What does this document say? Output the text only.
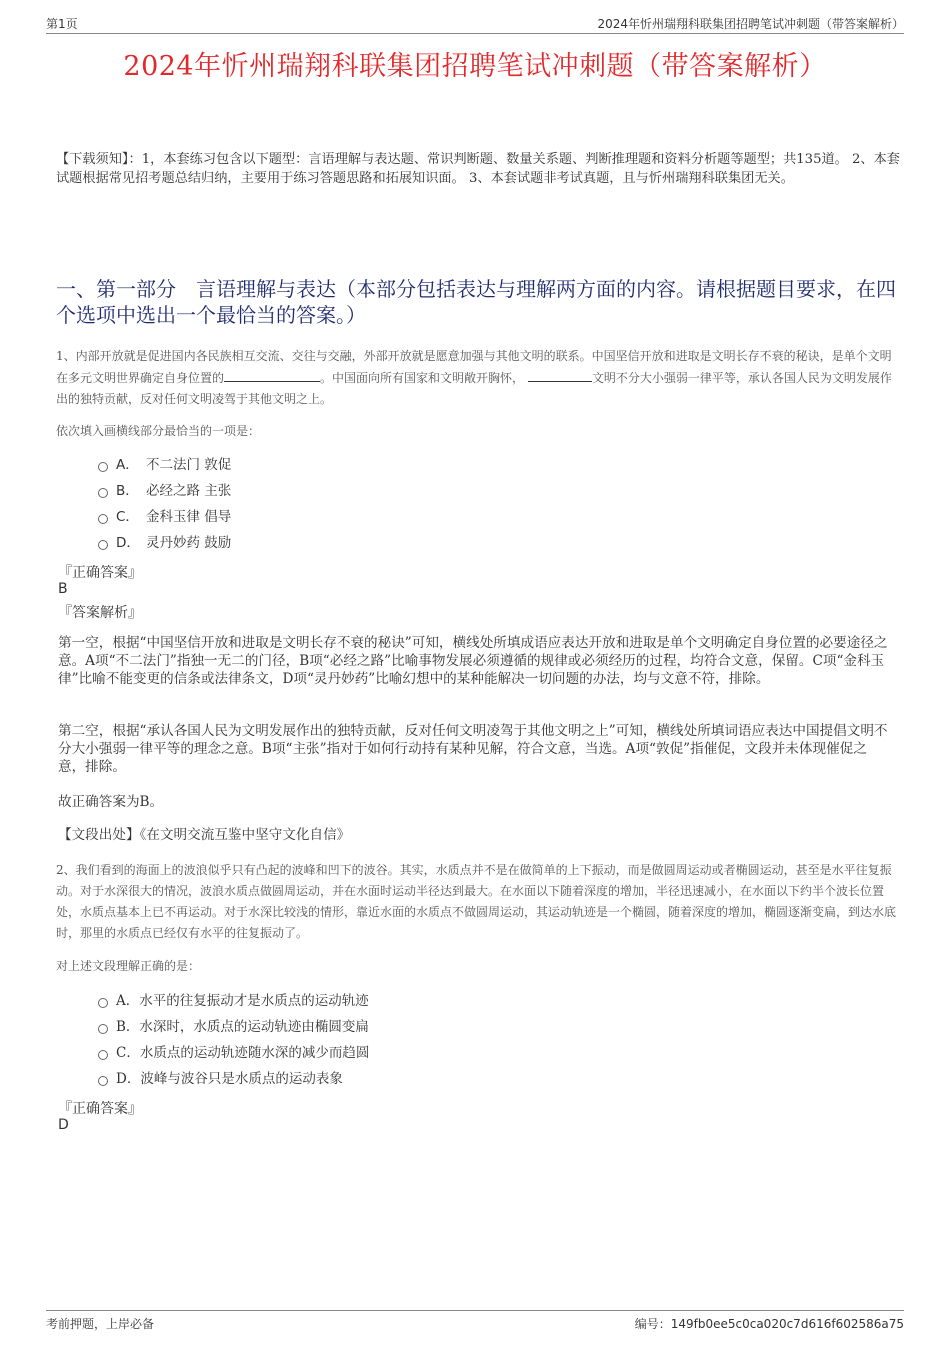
第1页	2024年忻州瑞翔科联集团招聘笔试冲刺题（带答案解析）
2024年忻州瑞翔科联集团招聘笔试冲刺题（带答案解析）
【下载须知】：1，本套练习包含以下题型：言语理解与表达题、常识判断题、数量关系题、判断推理题和资料分析题等题型；共135道。 2、本套试题根据常见招考题总结归纳，主要用于练习答题思路和拓展知识面。 3、本套试题非考试真题，且与忻州瑞翔科联集团无关。
一、第一部分　言语理解与表达（本部分包括表达与理解两方面的内容。请根据题目要求，在四个选项中选出一个最恰当的答案。）
1、内部开放就是促进国内各民族相互交流、交往与交融，外部开放就是愿意加强与其他文明的联系。中国坚信开放和进取是文明长存不衰的秘诀，是单个文明在多元文明世界确定自身位置的	。中国面向所有国家和文明敞开胸怀，	文明不分大小强弱一律平等，承认各国人民为文明发展作出的独特贡献，反对任何文明凌驾于其他文明之上。
依次填入画横线部分最恰当的一项是：
A． 不二法门 敦促
B． 必经之路 主张
C． 金科玉律 倡导
D． 灵丹妙药 鼓励
『正确答案』
B
『答案解析』
第一空，根据“中国坚信开放和进取是文明长存不衰的秘诀”可知，横线处所填成语应表达开放和进取是单个文明确定自身位置的必要途径之意。A项“不二法门”指独一无二的门径，B项“必经之路”比喻事物发展必须遵循的规律或必须经历的过程，均符合文意，保留。C项“金科玉律”比喻不能变更的信条或法律条文，D项“灵丹妙药”比喻幻想中的某种能解决一切问题的办法，均与文意不符，排除。
第二空，根据“承认各国人民为文明发展作出的独特贡献，反对任何文明凌驾于其他文明之上”可知，横线处所填词语应表达中国提倡文明不分大小强弱一律平等的理念之意。B项“主张”指对于如何行动持有某种见解，符合文意，当选。A项“敦促”指催促，文段并未体现催促之意，排除。
故正确答案为B。
【文段出处】《在文明交流互鉴中坚守文化自信》
2、我们看到的海面上的波浪似乎只有凸起的波峰和凹下的波谷。其实，水质点并不是在做简单的上下振动，而是做圆周运动或者椭圆运动，甚至是水平往复振动。对于水深很大的情况，波浪水质点做圆周运动，并在水面时运动半径达到最大。在水面以下随着深度的增加，半径迅速减小，在水面以下约半个波长位置处，水质点基本上已不再运动。对于水深比较浅的情形，靠近水面的水质点不做圆周运动，其运动轨迹是一个椭圆，随着深度的增加，椭圆逐渐变扁，到达水底时，那里的水质点已经仅有水平的往复振动了。
对上述文段理解正确的是：
A．水平的往复振动才是水质点的运动轨迹
B．水深时，水质点的运动轨迹由椭圆变扁
C．水质点的运动轨迹随水深的减少而趋圆
D．波峰与波谷只是水质点的运动表象
『正确答案』
D
考前押题，上岸必备	编号：149fb0ee5c0ca020c7d616f602586a75
